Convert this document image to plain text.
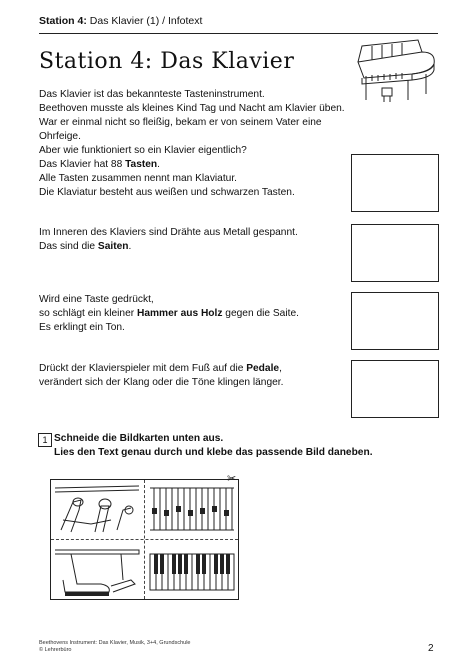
Station 4: Das Klavier (1) / Infotext
Station 4: Das Klavier
Das Klavier ist das bekannteste Tasteninstrument.
Beethoven musste als kleines Kind Tag und Nacht am Klavier üben.
War er einmal nicht so fleißig, bekam er von seinem Vater eine Ohrfeige.
Aber wie funktioniert so ein Klavier eigentlich?
Das Klavier hat 88 Tasten.
Alle Tasten zusammen nennt man Klaviatur.
Die Klaviatur besteht aus weißen und schwarzen Tasten.
Im Inneren des Klaviers sind Drähte aus Metall gespannt.
Das sind die Saiten.
Wird eine Taste gedrückt,
so schlägt ein kleiner Hammer aus Holz gegen die Saite.
Es erklingt ein Ton.
Drückt der Klavierspieler mit dem Fuß auf die Pedale,
verändert sich der Klang oder die Töne klingen länger.
1 Schneide die Bildkarten unten aus.
Lies den Text genau durch und klebe das passende Bild daneben.
✂
Beethovens Instrument: Das Klavier, Musik, 3+4, Grundschule
© Lehrerbüro	2
